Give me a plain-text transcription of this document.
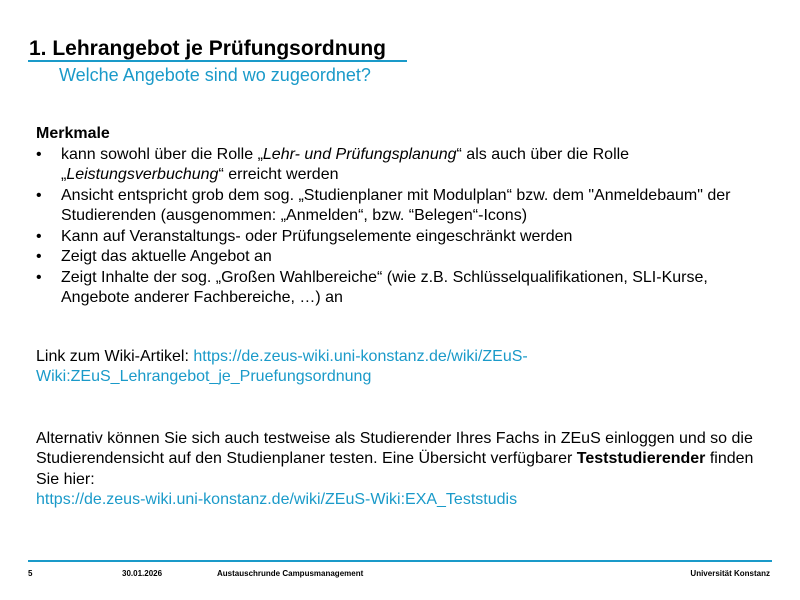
1. Lehrangebot je Prüfungsordnung
Welche Angebote sind wo zugeordnet?
Merkmale
• kann sowohl über die Rolle „Lehr- und Prüfungsplanung“ als auch über die Rolle „Leistungsverbuchung“ erreicht werden
• Ansicht entspricht grob dem sog. „Studienplaner mit Modulplan“ bzw. dem "Anmeldebaum" der Studierenden (ausgenommen: „Anmelden“, bzw. “Belegen“-Icons)
• Kann auf Veranstaltungs- oder Prüfungselemente eingeschränkt werden
• Zeigt das aktuelle Angebot an
• Zeigt Inhalte der sog. „Großen Wahlbereiche“ (wie z.B. Schlüsselqualifikationen, SLI-Kurse, Angebote anderer Fachbereiche, …) an
Link zum Wiki-Artikel: https://de.zeus-wiki.uni-konstanz.de/wiki/ZEuS-Wiki:ZEuS_Lehrangebot_je_Pruefungsordnung
Alternativ können Sie sich auch testweise als Studierender Ihres Fachs in ZEuS einloggen und so die Studierendensicht auf den Studienplaner testen. Eine Übersicht verfügbarer Teststudierender finden Sie hier:
https://de.zeus-wiki.uni-konstanz.de/wiki/ZEuS-Wiki:EXA_Teststudis
5	30.01.2026	Austauschrunde Campusmanagement	Universität Konstanz
